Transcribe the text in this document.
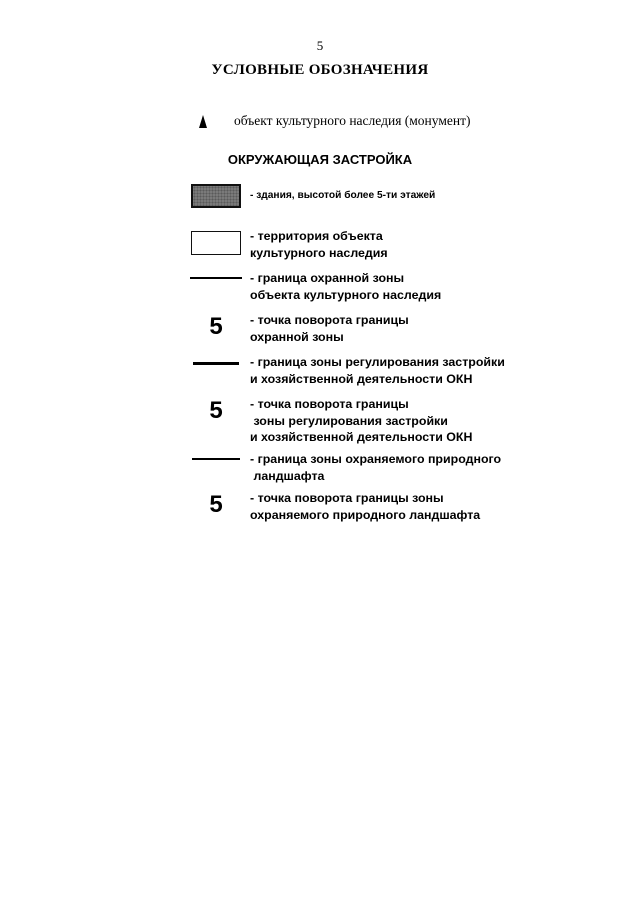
5
УСЛОВНЫЕ ОБОЗНАЧЕНИЯ
объект культурного наследия (монумент)
ОКРУЖАЮЩАЯ ЗАСТРОЙКА
- здания, высотой более 5-ти этажей
- территория объекта
культурного наследия
- граница охранной зоны
объекта культурного наследия
5 - точка поворота границы
охранной зоны
- граница зоны регулирования застройки
и хозяйственной деятельности ОКН
5 - точка поворота границы
зоны регулирования застройки
и хозяйственной деятельности ОКН
- граница зоны охраняемого природного
ландшафта
5 - точка поворота границы зоны
охраняемого природного ландшафта
